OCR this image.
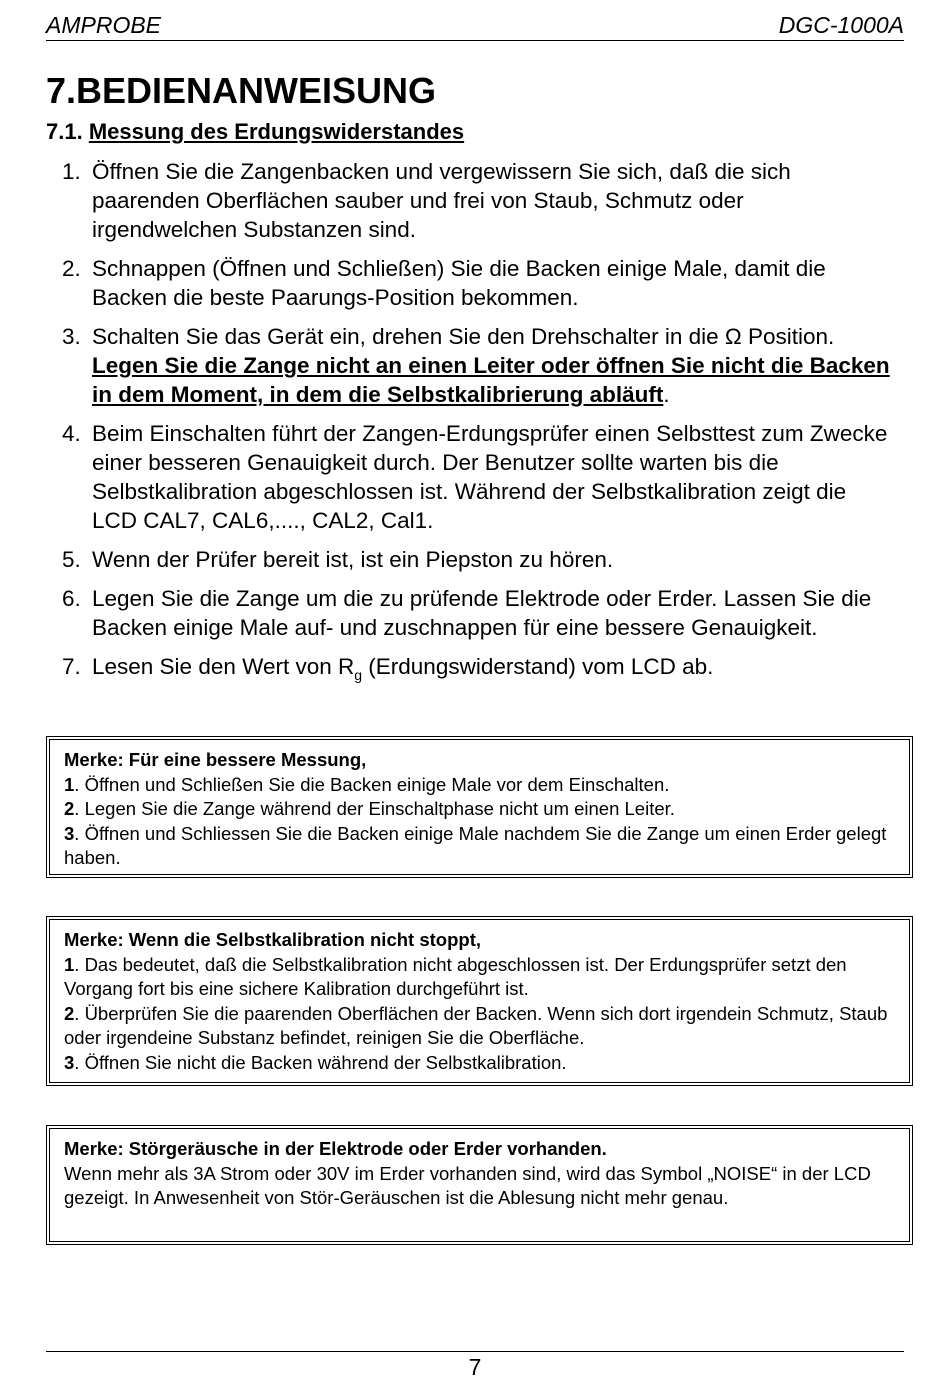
AMPROBE	DGC-1000A
7.BEDIENANWEISUNG
7.1. Messung des Erdungswiderstandes
1. Öffnen Sie die Zangenbacken und vergewissern Sie sich, daß die sich paarenden Oberflächen sauber und frei von Staub, Schmutz oder irgendwelchen Substanzen sind.
2. Schnappen (Öffnen und Schließen) Sie die Backen einige Male, damit die Backen die beste Paarungs-Position bekommen.
3. Schalten Sie das Gerät ein, drehen Sie den Drehschalter in die Ω Position.
Legen Sie die Zange nicht an einen Leiter oder öffnen Sie nicht die Backen in dem Moment, in dem die Selbstkalibrierung abläuft.
4. Beim Einschalten führt der Zangen-Erdungsprüfer einen Selbsttest zum Zwecke einer besseren Genauigkeit durch. Der Benutzer sollte warten bis die Selbstkalibration abgeschlossen ist. Während der Selbstkalibration zeigt die LCD CAL7, CAL6,...., CAL2, Cal1.
5. Wenn der Prüfer bereit ist, ist ein Piepston zu hören.
6. Legen Sie die Zange um die zu prüfende Elektrode oder Erder. Lassen Sie die Backen einige Male auf- und zuschnappen für eine bessere Genauigkeit.
7. Lesen Sie den Wert von $R_g$ (Erdungswiderstand) vom LCD ab.
Merke: Für eine bessere Messung,
1. Öffnen und Schließen Sie die Backen einige Male vor dem Einschalten.
2. Legen Sie die Zange während der Einschaltphase nicht um einen Leiter.
3. Öffnen und Schliessen Sie die Backen einige Male nachdem Sie die Zange um einen Erder gelegt haben.
Merke: Wenn die Selbstkalibration nicht stoppt,
1. Das bedeutet, daß die Selbstkalibration nicht abgeschlossen ist. Der Erdungsprüfer setzt den Vorgang fort bis eine sichere Kalibration durchgeführt ist.
2. Überprüfen Sie die paarenden Oberflächen der Backen. Wenn sich dort irgendein Schmutz, Staub oder irgendeine Substanz befindet, reinigen Sie die Oberfläche.
3. Öffnen Sie nicht die Backen während der Selbstkalibration.
Merke: Störgeräusche in der Elektrode oder Erder vorhanden.
Wenn mehr als 3A Strom oder 30V im Erder vorhanden sind, wird das Symbol „NOISE“ in der LCD gezeigt. In Anwesenheit von Stör-Geräuschen ist die Ablesung nicht mehr genau.
7
